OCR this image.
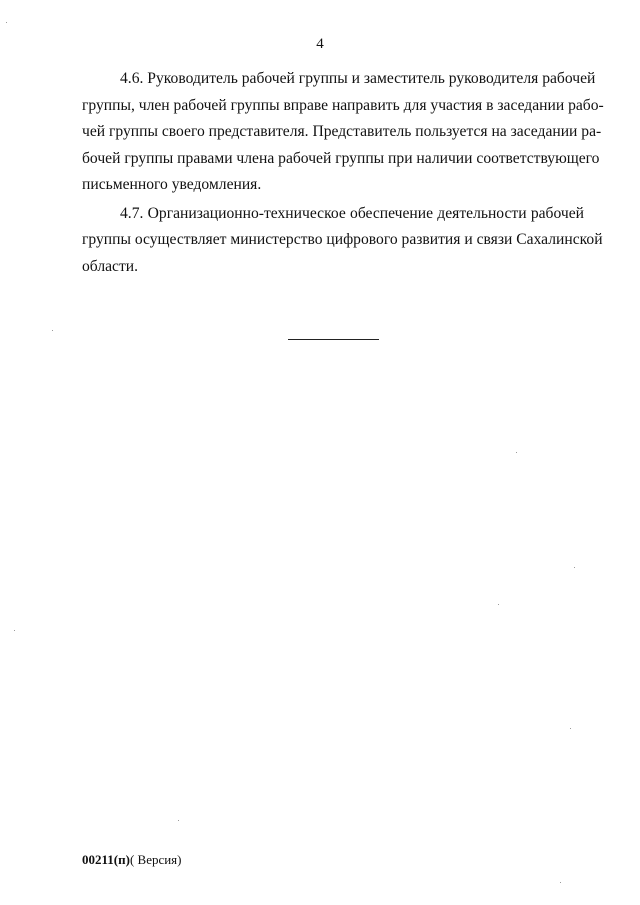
4
4.6. Руководитель рабочей группы и заместитель руководителя рабочей
группы, член рабочей группы вправе направить для участия в заседании рабо-
чей группы своего представителя. Представитель пользуется на заседании ра-
бочей группы правами члена рабочей группы при наличии соответствующего
письменного уведомления.
4.7. Организационно-техническое обеспечение деятельности рабочей
группы осуществляет министерство цифрового развития и связи Сахалинской
области.
00211(п)( Версия)
